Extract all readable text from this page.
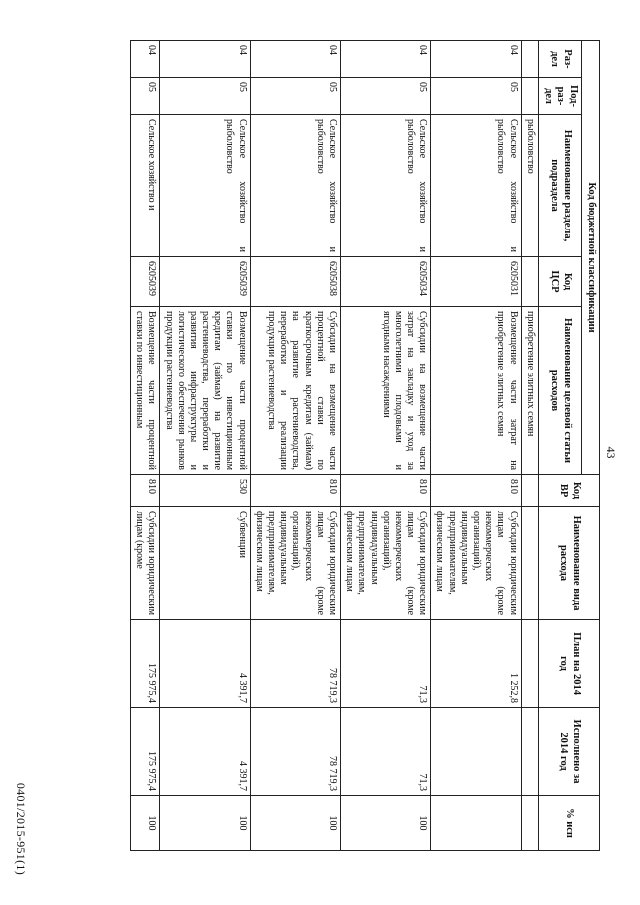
43
Код бюджетной классификации					Код ВР	Наименование вида расхода	План на 2014 год	Исполнено за 2014 год	% исп
Раз-дел	Под-раз-дел	Наименование раздела, подраздела	Код ЦСР	Наименование целевой статьи расходов					
		рыболовство		приобретение элитных семян					
04	05	Сельское хозяйство и рыболовство	6205031	Возмещение части затрат на приобретение элитных семян	810	Субсидии юридическим лицам (кроме некоммерческих организаций), индивидуальным предпринимателям, физическим лицам	1 252,8		
04	05	Сельское хозяйство и рыболовство	6205034	Субсидии на возмещение части затрат на закладку и уход за многолетними плодовыми и ягодными насаждениями	810	Субсидии юридическим лицам (кроме некоммерческих организаций), индивидуальным предпринимателям, физическим лицам	71,3	71,3	100
04	05	Сельское хозяйство и рыболовство	6205038	Субсидии на возмещение части процентной ставки по краткосрочным кредитам (займам) на развитие растениеводства, переработки и реализации продукции растениеводства	810	Субсидии юридическим лицам (кроме некоммерческих организаций), индивидуальным предпринимателям, физическим лицам	78 719,3	78 719,3	100
04	05	Сельское хозяйство и рыболовство	6205039	Возмещение части процентной ставки по инвестиционным кредитам (займам) на развитие растениеводства, переработки и развития инфраструктуры и логистического обеспечения рынков продукции растениеводства	530	Субвенции	4 391,7	4 391,7	100
04	05	Сельское хозяйство и	6205039	Возмещение части процентной ставки по инвестиционным	810	Субсидии юридическим лицам (кроме	175 975,4	175 975,4	100
0401/2015-951(1)
